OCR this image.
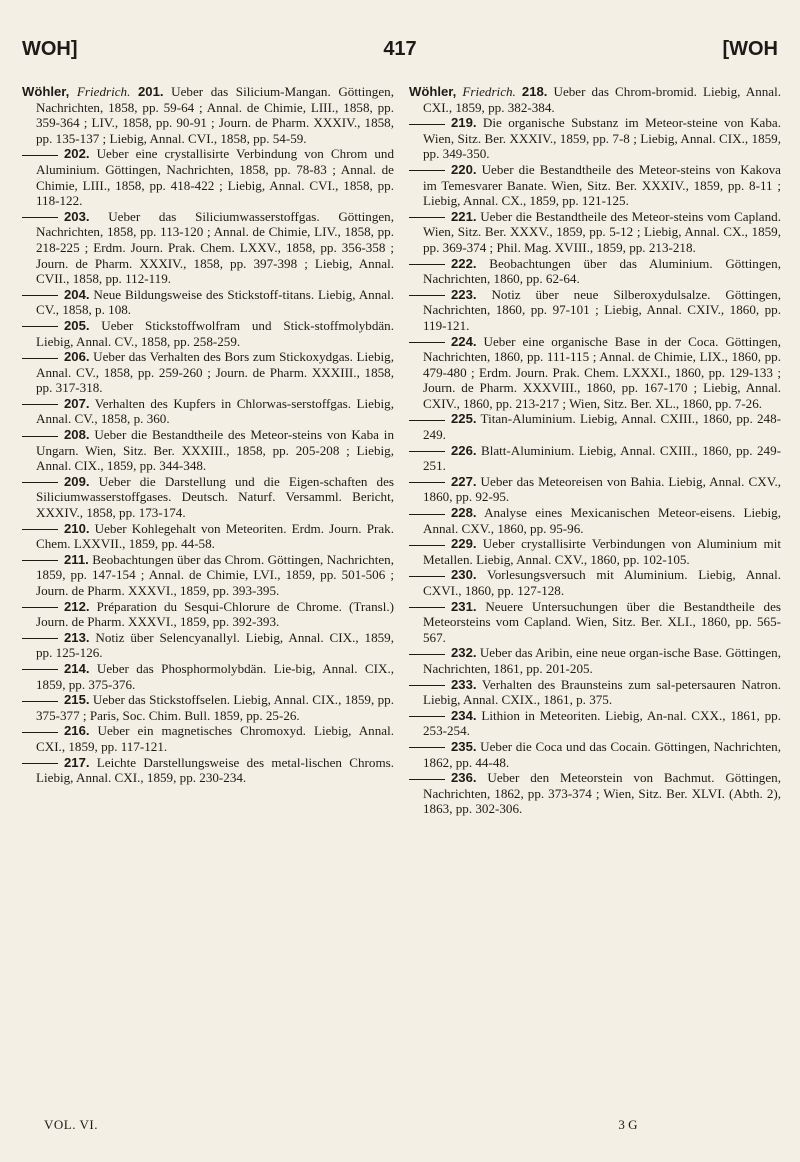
WOH]	417	[WOH

Wöhler, Friedrich. 201. Ueber das Silicium-Mangan. Göttingen, Nachrichten, 1858, pp. 59-64 ; Annal. de Chimie, LIII., 1858, pp. 359-364 ; LIV., 1858, pp. 90-91 ; Journ. de Pharm. XXXIV., 1858, pp. 135-137 ; Liebig, Annal. CVI., 1858, pp. 54-59.

202. Ueber eine crystallisirte Verbindung von Chrom und Aluminium. Göttingen, Nachrichten, 1858, pp. 78-83 ; Annal. de Chimie, LIII., 1858, pp. 418-422 ; Liebig, Annal. CVI., 1858, pp. 118-122.

203. Ueber das Siliciumwasserstoffgas. Göttingen, Nachrichten, 1858, pp. 113-120 ; Annal. de Chimie, LIV., 1858, pp. 218-225 ; Erdm. Journ. Prak. Chem. LXXV., 1858, pp. 356-358 ; Journ. de Pharm. XXXIV., 1858, pp. 397-398 ; Liebig, Annal. CVII., 1858, pp. 112-119.

204. Neue Bildungsweise des Stickstoff-titans. Liebig, Annal. CV., 1858, p. 108.

205. Ueber Stickstoffwolfram und Stick-stoffmolybdän. Liebig, Annal. CV., 1858, pp. 258-259.

206. Ueber das Verhalten des Bors zum Stickoxydgas. Liebig, Annal. CV., 1858, pp. 259-260 ; Journ. de Pharm. XXXIII., 1858, pp. 317-318.

207. Verhalten des Kupfers in Chlorwas-serstoffgas. Liebig, Annal. CV., 1858, p. 360.

208. Ueber die Bestandtheile des Meteor-steins von Kaba in Ungarn. Wien, Sitz. Ber. XXXIII., 1858, pp. 205-208 ; Liebig, Annal. CIX., 1859, pp. 344-348.

209. Ueber die Darstellung und die Eigen-schaften des Siliciumwasserstoffgases. Deutsch. Naturf. Versamml. Bericht, XXXIV., 1858, pp. 173-174.

210. Ueber Kohlegehalt von Meteoriten. Erdm. Journ. Prak. Chem. LXXVII., 1859, pp. 44-58.

211. Beobachtungen über das Chrom. Göttingen, Nachrichten, 1859, pp. 147-154 ; Annal. de Chimie, LVI., 1859, pp. 501-506 ; Journ. de Pharm. XXXVI., 1859, pp. 393-395.

212. Préparation du Sesqui-Chlorure de Chrome. (Transl.) Journ. de Pharm. XXXVI., 1859, pp. 392-393.

213. Notiz über Selencyanallyl. Liebig, Annal. CIX., 1859, pp. 125-126.

214. Ueber das Phosphormolybdän. Lie-big, Annal. CIX., 1859, pp. 375-376.

215. Ueber das Stickstoffselen. Liebig, Annal. CIX., 1859, pp. 375-377 ; Paris, Soc. Chim. Bull. 1859, pp. 25-26.

216. Ueber ein magnetisches Chromoxyd. Liebig, Annal. CXI., 1859, pp. 117-121.

217. Leichte Darstellungsweise des metal-lischen Chroms. Liebig, Annal. CXI., 1859, pp. 230-234.

Wöhler, Friedrich. 218. Ueber das Chrom-bromid. Liebig, Annal. CXI., 1859, pp. 382-384.

219. Die organische Substanz im Meteor-steine von Kaba. Wien, Sitz. Ber. XXXIV., 1859, pp. 7-8 ; Liebig, Annal. CIX., 1859, pp. 349-350.

220. Ueber die Bestandtheile des Meteor-steins von Kakova im Temesvarer Banate. Wien, Sitz. Ber. XXXIV., 1859, pp. 8-11 ; Liebig, Annal. CX., 1859, pp. 121-125.

221. Ueber die Bestandtheile des Meteor-steins vom Capland. Wien, Sitz. Ber. XXXV., 1859, pp. 5-12 ; Liebig, Annal. CX., 1859, pp. 369-374 ; Phil. Mag. XVIII., 1859, pp. 213-218.

222. Beobachtungen über das Aluminium. Göttingen, Nachrichten, 1860, pp. 62-64.

223. Notiz über neue Silberoxydulsalze. Göttingen, Nachrichten, 1860, pp. 97-101 ; Liebig, Annal. CXIV., 1860, pp. 119-121.

224. Ueber eine organische Base in der Coca. Göttingen, Nachrichten, 1860, pp. 111-115 ; Annal. de Chimie, LIX., 1860, pp. 479-480 ; Erdm. Journ. Prak. Chem. LXXXI., 1860, pp. 129-133 ; Journ. de Pharm. XXXVIII., 1860, pp. 167-170 ; Liebig, Annal. CXIV., 1860, pp. 213-217 ; Wien, Sitz. Ber. XL., 1860, pp. 7-26.

225. Titan-Aluminium. Liebig, Annal. CXIII., 1860, pp. 248-249.

226. Blatt-Aluminium. Liebig, Annal. CXIII., 1860, pp. 249-251.

227. Ueber das Meteoreisen von Bahia. Liebig, Annal. CXV., 1860, pp. 92-95.

228. Analyse eines Mexicanischen Meteor-eisens. Liebig, Annal. CXV., 1860, pp. 95-96.

229. Ueber crystallisirte Verbindungen von Aluminium mit Metallen. Liebig, Annal. CXV., 1860, pp. 102-105.

230. Vorlesungsversuch mit Aluminium. Liebig, Annal. CXVI., 1860, pp. 127-128.

231. Neuere Untersuchungen über die Bestandtheile des Meteorsteins vom Capland. Wien, Sitz. Ber. XLI., 1860, pp. 565-567.

232. Ueber das Aribin, eine neue organ-ische Base. Göttingen, Nachrichten, 1861, pp. 201-205.

233. Verhalten des Braunsteins zum sal-petersauren Natron. Liebig, Annal. CXIX., 1861, p. 375.

234. Lithion in Meteoriten. Liebig, An-nal. CXX., 1861, pp. 253-254.

235. Ueber die Coca und das Cocain. Göttingen, Nachrichten, 1862, pp. 44-48.

236. Ueber den Meteorstein von Bachmut. Göttingen, Nachrichten, 1862, pp. 373-374 ; Wien, Sitz. Ber. XLVI. (Abth. 2), 1863, pp. 302-306.

VOL. VI.	3 G
